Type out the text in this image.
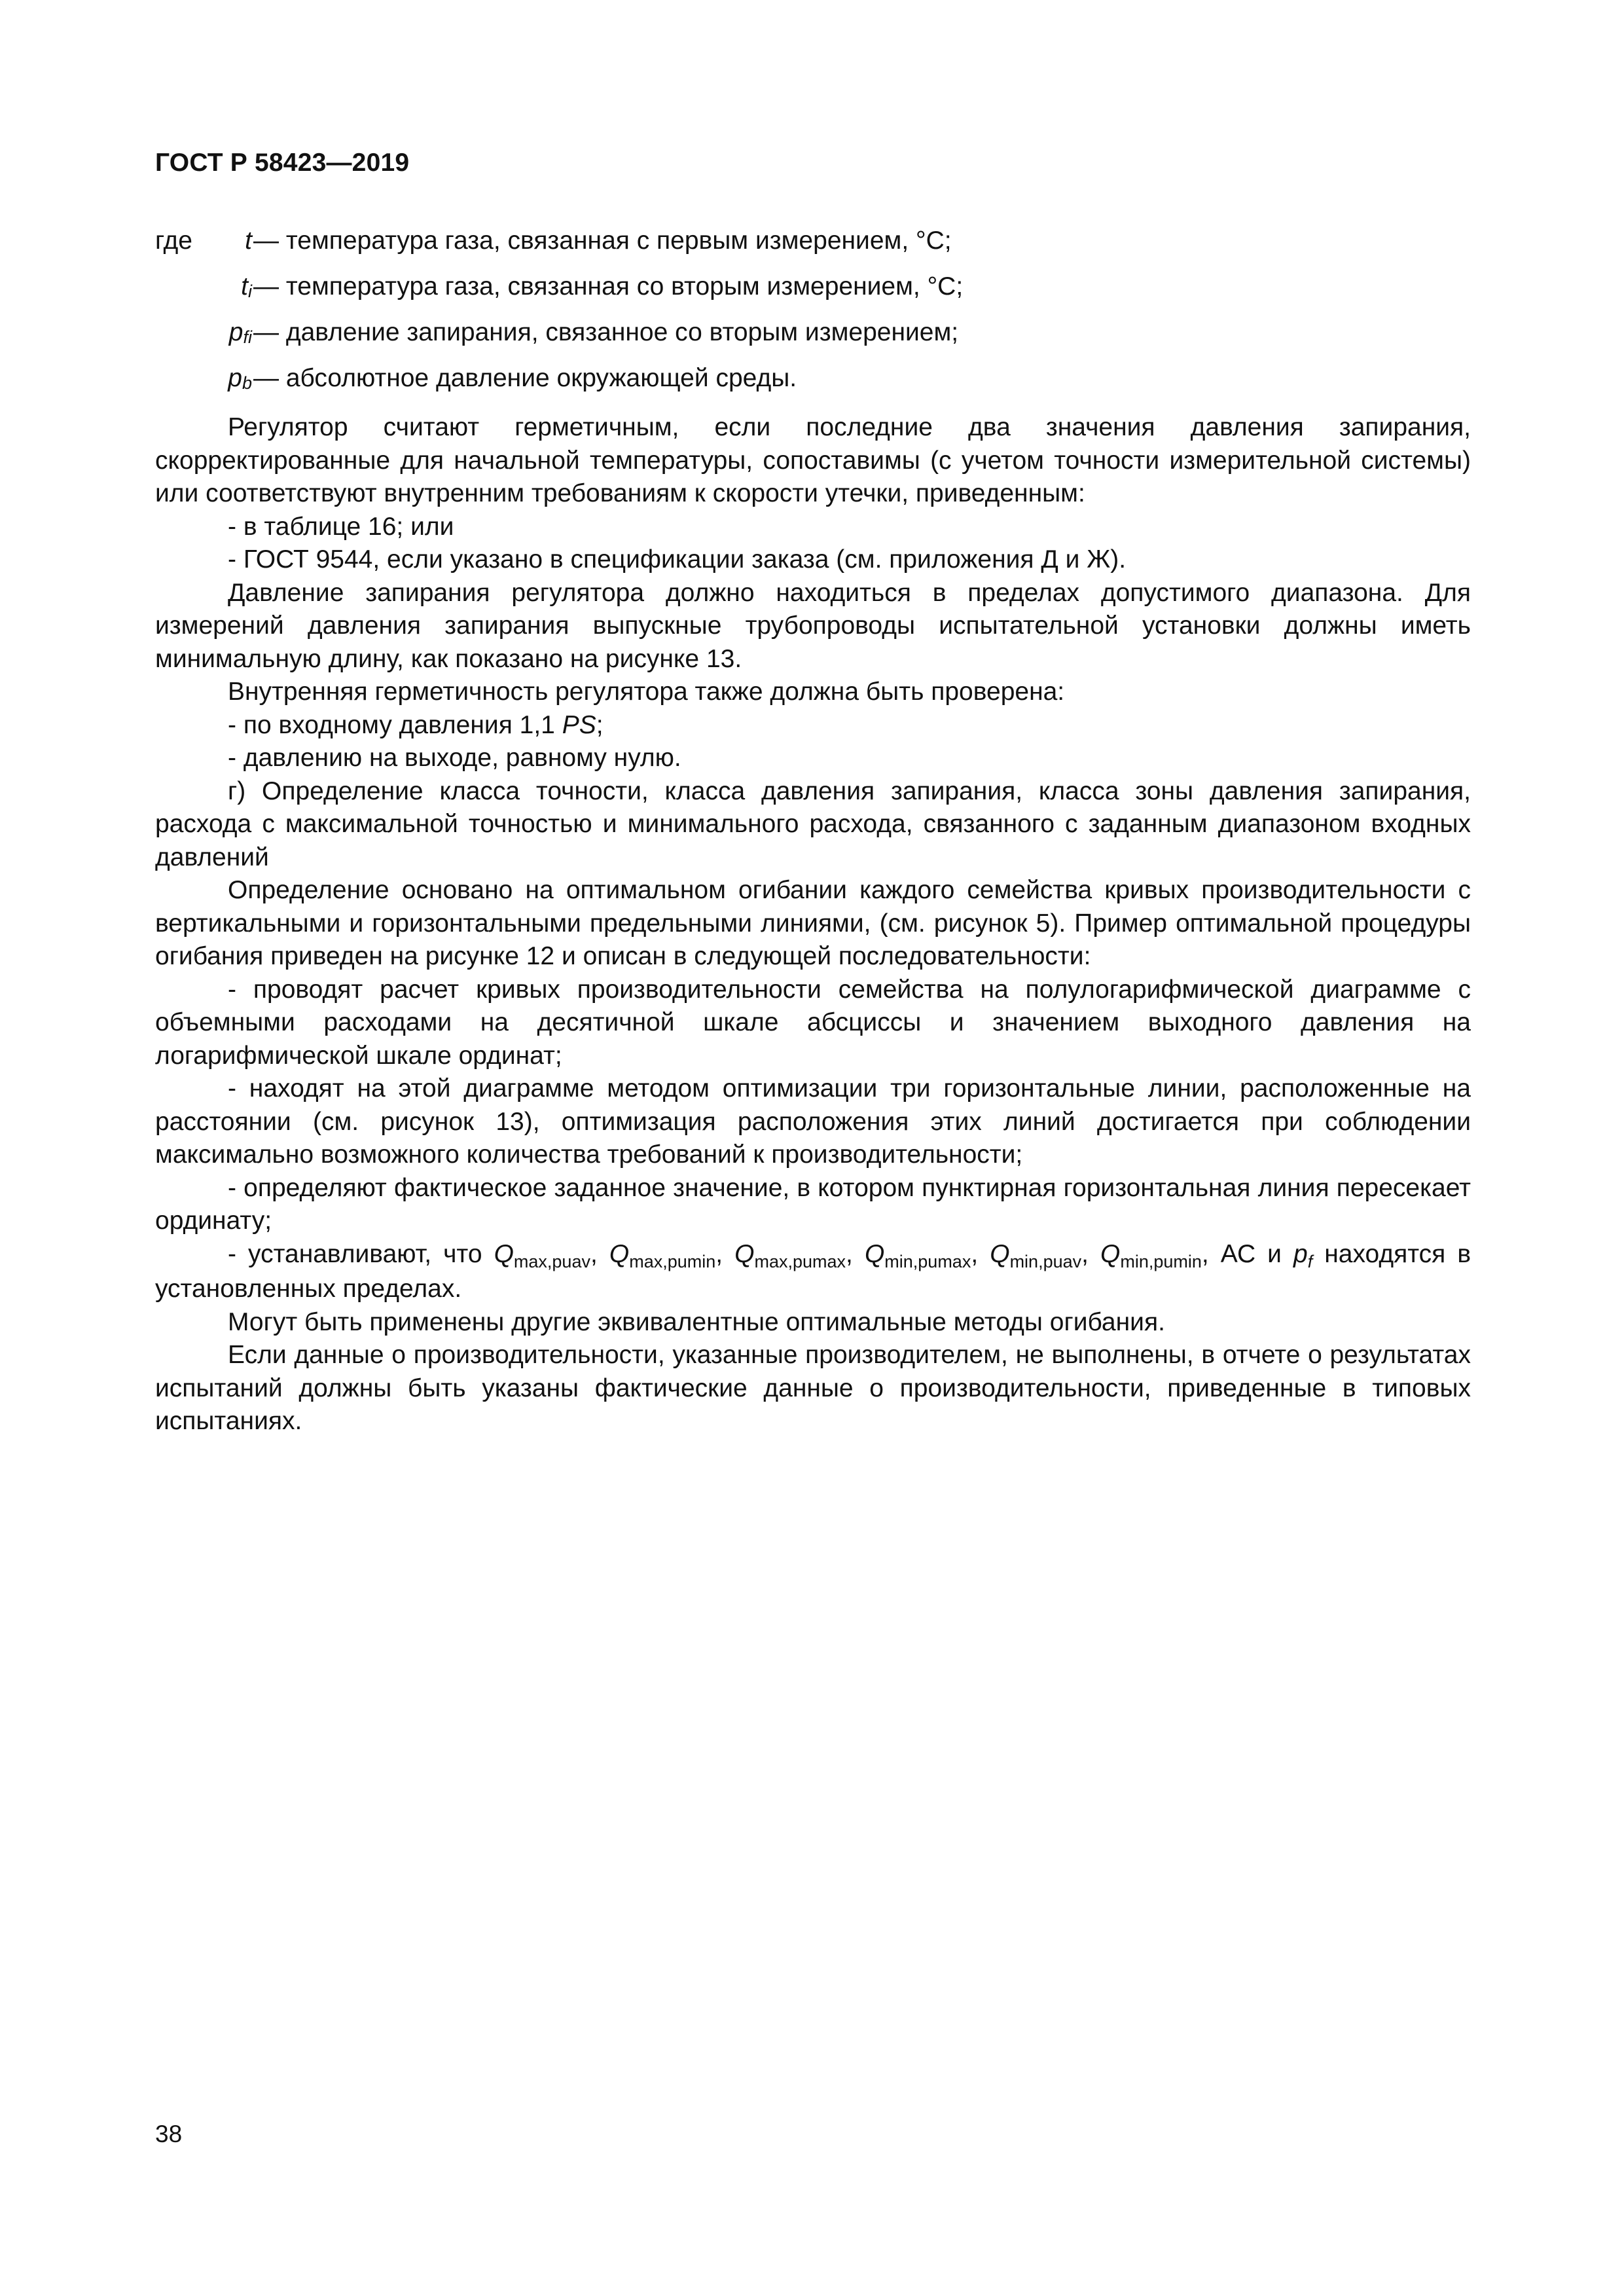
ГОСТ Р 58423—2019
где	t — температура газа, связанная с первым измерением, °С;
$t_i$ — температура газа, связанная со вторым измерением, °С;
$p_{fi}$ — давление запирания, связанное со вторым измерением;
$p_b$ — абсолютное давление окружающей среды.

Регулятор считают герметичным, если последние два значения давления запирания, скорректированные для начальной температуры, сопоставимы (с учетом точности измерительной системы) или соответствуют внутренним требованиям к скорости утечки, приведенным:

- в таблице 16; или

- ГОСТ 9544, если указано в спецификации заказа (см. приложения Д и Ж).

Давление запирания регулятора должно находиться в пределах допустимого диапазона. Для измерений давления запирания выпускные трубопроводы испытательной установки должны иметь минимальную длину, как показано на рисунке 13.

Внутренняя герметичность регулятора также должна быть проверена:

- по входному давления 1,1 PS;

- давлению на выходе, равному нулю.

г) Определение класса точности, класса давления запирания, класса зоны давления запирания, расхода с максимальной точностью и минимального расхода, связанного с заданным диапазоном входных давлений

Определение основано на оптимальном огибании каждого семейства кривых производительности с вертикальными и горизонтальными предельными линиями, (см. рисунок 5). Пример оптимальной процедуры огибания приведен на рисунке 12 и описан в следующей последовательности:

- проводят расчет кривых производительности семейства на полулогарифмической диаграмме с объемными расходами на десятичной шкале абсциссы и значением выходного давления на логарифмической шкале ординат;

- находят на этой диаграмме методом оптимизации три горизонтальные линии, расположенные на расстоянии (см. рисунок 13), оптимизация расположения этих линий достигается при соблюдении максимально возможного количества требований к производительности;

- определяют фактическое заданное значение, в котором пунктирная горизонтальная линия пересекает ординату;

- устанавливают, что $Q_{max,puav}$, $Q_{max,pumin}$, $Q_{max,pumax}$, $Q_{min,pumax}$, $Q_{min,puav}$, $Q_{min,pumin}$, АС и $p_f$ находятся в установленных пределах.

Могут быть применены другие эквивалентные оптимальные методы огибания.

Если данные о производительности, указанные производителем, не выполнены, в отчете о результатах испытаний должны быть указаны фактические данные о производительности, приведенные в типовых испытаниях.

38
